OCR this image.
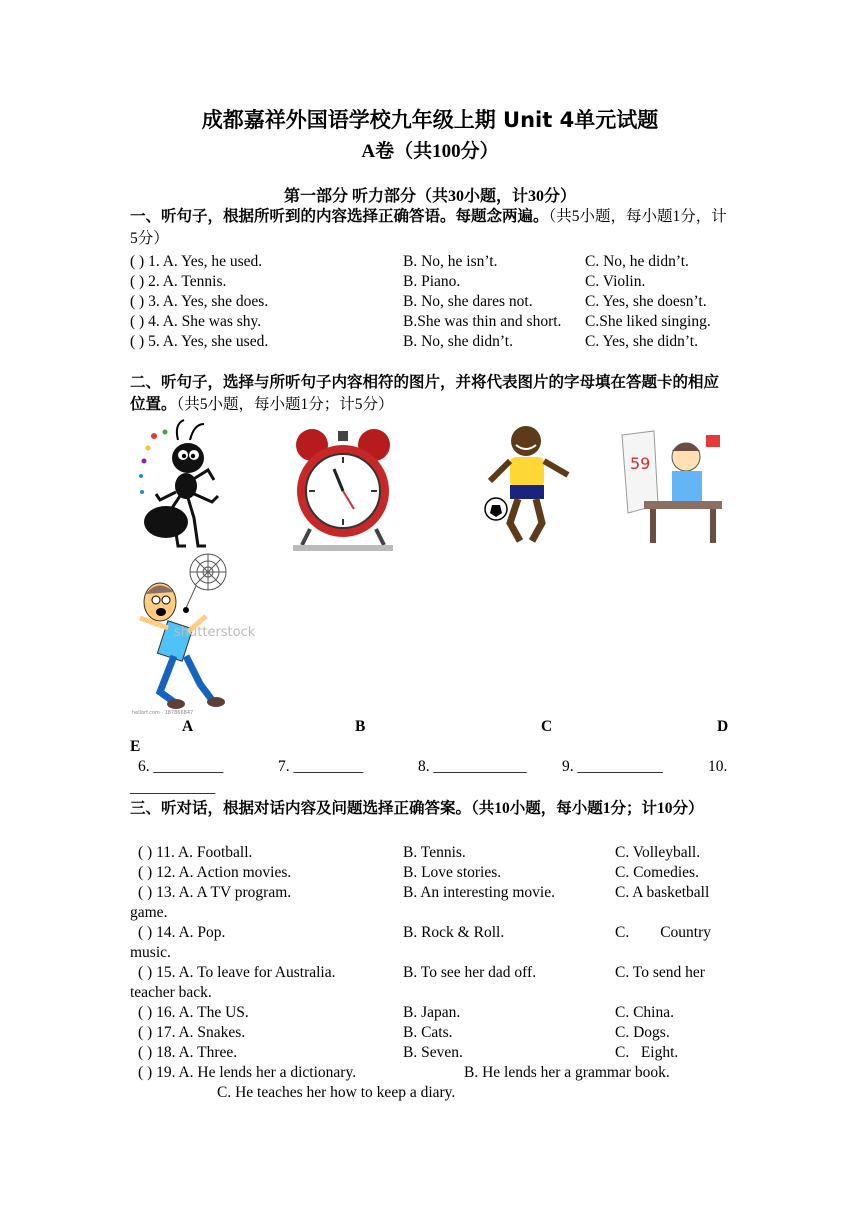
成都嘉祥外国语学校九年级上期 Unit 4单元试题
A卷（共100分）
第一部分 听力部分（共30小题，计30分）
一、听句子，根据所听到的内容选择正确答语。每题念两遍。（共5小题，每小题1分，计5分）
( ) 1. A. Yes, he used.	B. No, he isn’t.	C. No, he didn’t.
( ) 2. A. Tennis.	B. Piano.	C. Violin.
( ) 3. A. Yes, she does.	B. No, she dares not.	C. Yes, she doesn’t.
( ) 4. A. She was shy.	B.She was thin and short. C.She liked singing.
( ) 5. A. Yes, she used.	B. No, she didn’t.	C. Yes, she didn’t.
二、听句子，选择与所听句子内容相符的图片，并将代表图片的字母填在答题卡的相应位置。（共5小题，每小题1分；计5分）
59
shutterstock
hellorf.com · 187866847
A	B	C	D
E
6. _________	7. _________	8. ____________ 9. ___________	10.
___________
三、听对话，根据对话内容及问题选择正确答案。（共10小题，每小题1分；计10分）
( ) 11. A. Football.	B. Tennis.	C. Volleyball.
( ) 12. A. Action movies.	B. Love stories.	C. Comedies.
( ) 13. A. A TV program.	B. An interesting movie.	C. A basketball
game.
( ) 14. A. Pop.	B. Rock & Roll.	C.        Country
music.
( ) 15. A. To leave for Australia.	B. To see her dad off.	C. To send her
teacher back.
( ) 16. A. The US.	B. Japan.	C. China.
( ) 17. A. Snakes.	B. Cats.	C. Dogs.
( ) 18. A. Three.	B. Seven.	C.   Eight.
( ) 19. A. He lends her a dictionary.	B. He lends her a grammar book.
C. He teaches her how to keep a diary.
